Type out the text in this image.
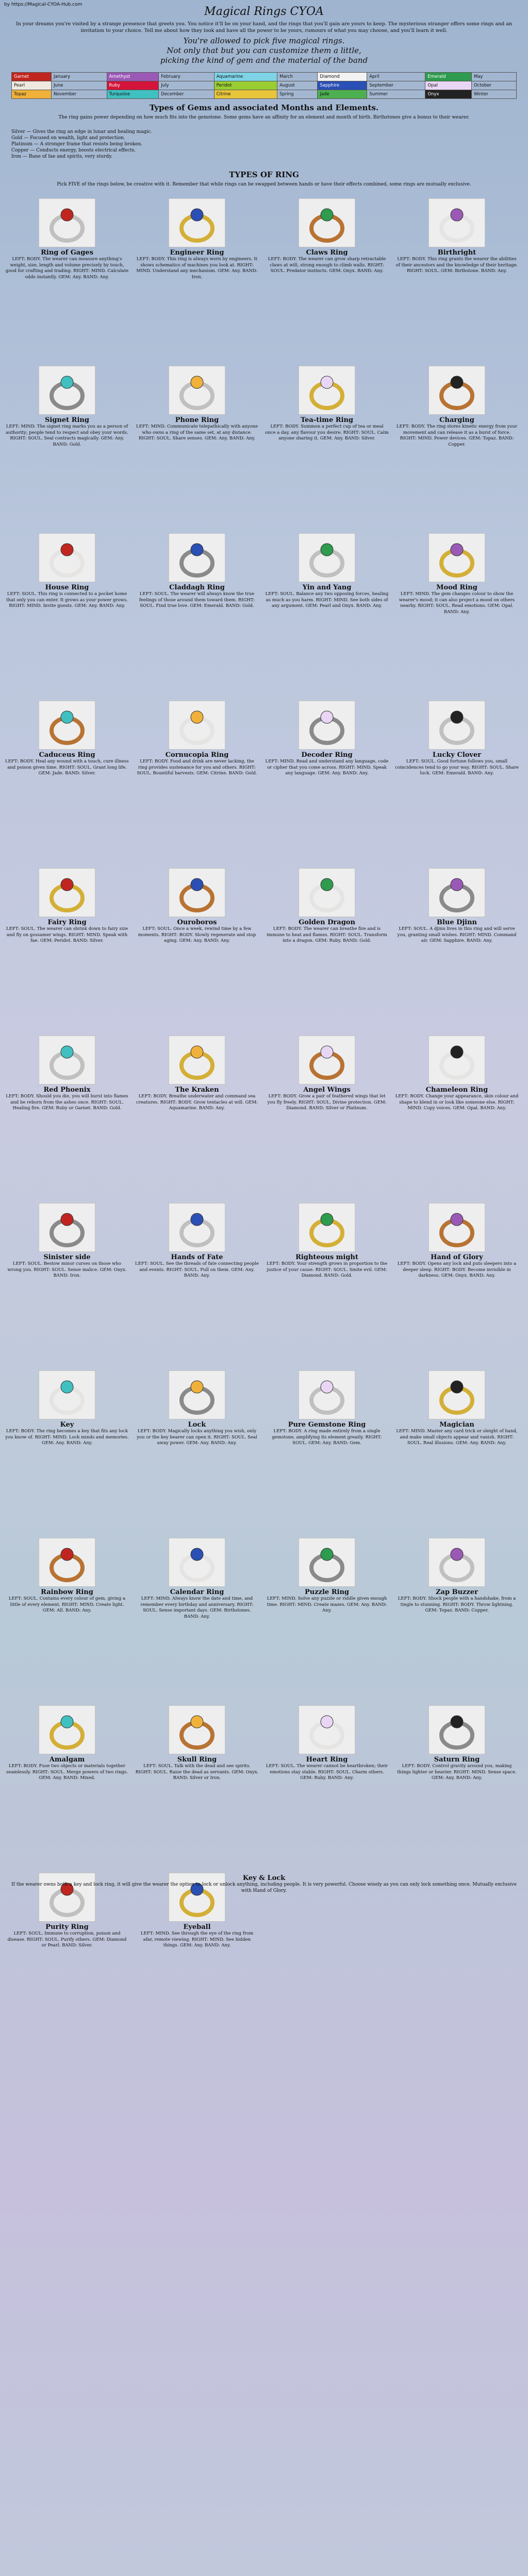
by https://Magical-CYOA-Hub.com
Magical Rings CYOA
In your dreams you're visited by a strange presence that greets you. You notice it'll be on your hand, and the rings that you'll gain are yours to keep. The mysterious stranger offers some rings and an invitation to your choice. Tell me about how they look and have all the power to be yours, rumours of what you may choose, and you'll learn it well.
You're allowed to pick five magical rings.
Not only that but you can customize them a little,
picking the kind of gem and the material of the band
Garnet	January	Amethyst	February	Aquamarine	March	Diamond	April	Emerald	May
Pearl	June	Ruby	July	Peridot	August	Sapphire	September	Opal	October
Topaz	November	Turquoise	December	Citrine	Spring	Jade	Summer	Onyx	Winter
Types of Gems and associated Months and Elements.
The ring gains power depending on how much fits into the gemstone. Some gems have an affinity for an element and month of birth. Birthstones give a bonus to their wearer.
Silver — Gives the ring an edge in lunar and healing magic.
Gold — Focused on wealth, light and protection.
Platinum — A stronger frame that resists being broken.
Copper — Conducts energy, boosts electrical effects.
Iron — Bane of fae and spirits, very sturdy.
TYPES OF RING
Pick FIVE of the rings below, be creative with it. Remember that while rings can be swapped between hands or have their effects combined, some rings are mutually exclusive.
Ring of Gages
LEFT: BODY. The wearer can measure anything's weight, size, length and volume precisely by touch, good for crafting and trading. RIGHT: MIND. Calculate odds instantly. GEM: Any. BAND: Any.
Engineer Ring
LEFT: BODY. This ring is always worn by engineers. It shows schematics of machines you look at. RIGHT: MIND. Understand any mechanism. GEM: Any. BAND: Iron.
Claws Ring
LEFT: BODY. The wearer can grow sharp retractable claws at will, strong enough to climb walls. RIGHT: SOUL. Predator instincts. GEM: Onyx. BAND: Any.
Birthright
LEFT: BODY. This ring grants the wearer the abilities of their ancestors and the knowledge of their heritage. RIGHT: SOUL. GEM: Birthstone. BAND: Any.
Signet Ring
LEFT: MIND. The signet ring marks you as a person of authority; people tend to respect and obey your words. RIGHT: SOUL. Seal contracts magically. GEM: Any. BAND: Gold.
Phone Ring
LEFT: MIND. Communicate telepathically with anyone who owns a ring of the same set, at any distance. RIGHT: SOUL. Share senses. GEM: Any. BAND: Any.
Tea-time Ring
LEFT: BODY. Summon a perfect cup of tea or meal once a day, any flavour you desire. RIGHT: SOUL. Calm anyone sharing it. GEM: Any. BAND: Silver.
Charging
LEFT: BODY. The ring stores kinetic energy from your movement and can release it as a burst of force. RIGHT: MIND. Power devices. GEM: Topaz. BAND: Copper.
House Ring
LEFT: SOUL. This ring is connected to a pocket home that only you can enter. It grows as your power grows. RIGHT: MIND. Invite guests. GEM: Any. BAND: Any.
Claddagh Ring
LEFT: SOUL. The wearer will always know the true feelings of those around them toward them. RIGHT: SOUL. Find true love. GEM: Emerald. BAND: Gold.
Yin and Yang
LEFT: SOUL. Balance any two opposing forces, healing as much as you harm. RIGHT: MIND. See both sides of any argument. GEM: Pearl and Onyx. BAND: Any.
Mood Ring
LEFT: MIND. The gem changes colour to show the wearer's mood; it can also project a mood on others nearby. RIGHT: SOUL. Read emotions. GEM: Opal. BAND: Any.
Caduceus Ring
LEFT: BODY. Heal any wound with a touch, cure illness and poison given time. RIGHT: SOUL. Grant long life. GEM: Jade. BAND: Silver.
Cornucopia Ring
LEFT: BODY. Food and drink are never lacking, the ring provides sustenance for you and others. RIGHT: SOUL. Bountiful harvests. GEM: Citrine. BAND: Gold.
Decoder Ring
LEFT: MIND. Read and understand any language, code or cipher that you come across. RIGHT: MIND. Speak any language. GEM: Any. BAND: Any.
Lucky Clover
LEFT: SOUL. Good fortune follows you, small coincidences tend to go your way. RIGHT: SOUL. Share luck. GEM: Emerald. BAND: Any.
Fairy Ring
LEFT: SOUL. The wearer can shrink down to fairy size and fly on gossamer wings. RIGHT: MIND. Speak with fae. GEM: Peridot. BAND: Silver.
Ouroboros
LEFT: SOUL. Once a week, rewind time by a few moments. RIGHT: BODY. Slowly regenerate and stop aging. GEM: Any. BAND: Any.
Golden Dragon
LEFT: BODY. The wearer can breathe fire and is immune to heat and flames. RIGHT: SOUL. Transform into a dragon. GEM: Ruby. BAND: Gold.
Blue Djinn
LEFT: SOUL. A djinn lives in this ring and will serve you, granting small wishes. RIGHT: MIND. Command air. GEM: Sapphire. BAND: Any.
Red Phoenix
LEFT: BODY. Should you die, you will burst into flames and be reborn from the ashes once. RIGHT: SOUL. Healing fire. GEM: Ruby or Garnet. BAND: Gold.
The Kraken
LEFT: BODY. Breathe underwater and command sea creatures. RIGHT: BODY. Grow tentacles at will. GEM: Aquamarine. BAND: Any.
Angel Wings
LEFT: BODY. Grow a pair of feathered wings that let you fly freely. RIGHT: SOUL. Divine protection. GEM: Diamond. BAND: Silver or Platinum.
Chameleon Ring
LEFT: BODY. Change your appearance, skin colour and shape to blend in or look like someone else. RIGHT: MIND. Copy voices. GEM: Opal. BAND: Any.
Sinister side
LEFT: SOUL. Bestow minor curses on those who wrong you. RIGHT: SOUL. Sense malice. GEM: Onyx. BAND: Iron.
Hands of Fate
LEFT: SOUL. See the threads of fate connecting people and events. RIGHT: SOUL. Pull on them. GEM: Any. BAND: Any.
Righteous might
LEFT: BODY. Your strength grows in proportion to the justice of your cause. RIGHT: SOUL. Smite evil. GEM: Diamond. BAND: Gold.
Hand of Glory
LEFT: BODY. Opens any lock and puts sleepers into a deeper sleep. RIGHT: BODY. Become invisible in darkness. GEM: Onyx. BAND: Any.
Key
LEFT: BODY. The ring becomes a key that fits any lock you know of. RIGHT: MIND. Lock minds and memories. GEM: Any. BAND: Any.
Lock
LEFT: BODY. Magically locks anything you wish, only you or the key bearer can open it. RIGHT: SOUL. Seal away power. GEM: Any. BAND: Any.
Pure Gemstone Ring
LEFT: BODY. A ring made entirely from a single gemstone, amplifying its element greatly. RIGHT: SOUL. GEM: Any. BAND: Gem.
Magician
LEFT: MIND. Master any card trick or sleight of hand, and make small objects appear and vanish. RIGHT: SOUL. Real illusions. GEM: Any. BAND: Any.
Rainbow Ring
LEFT: SOUL. Contains every colour of gem, giving a little of every element. RIGHT: MIND. Create light. GEM: All. BAND: Any.
Calendar Ring
LEFT: MIND. Always know the date and time, and remember every birthday and anniversary. RIGHT: SOUL. Sense important days. GEM: Birthstones. BAND: Any.
Puzzle Ring
LEFT: MIND. Solve any puzzle or riddle given enough time. RIGHT: MIND. Create mazes. GEM: Any. BAND: Any.
Zap Buzzer
LEFT: BODY. Shock people with a handshake, from a tingle to stunning. RIGHT: BODY. Throw lightning. GEM: Topaz. BAND: Copper.
Amalgam
LEFT: BODY. Fuse two objects or materials together seamlessly. RIGHT: SOUL. Merge powers of two rings. GEM: Any. BAND: Mixed.
Skull Ring
LEFT: SOUL. Talk with the dead and see spirits. RIGHT: SOUL. Raise the dead as servants. GEM: Onyx. BAND: Silver or Iron.
Heart Ring
LEFT: SOUL. The wearer cannot be heartbroken; their emotions stay stable. RIGHT: SOUL. Charm others. GEM: Ruby. BAND: Any.
Saturn Ring
LEFT: BODY. Control gravity around you, making things lighter or heavier. RIGHT: MIND. Sense space. GEM: Any. BAND: Any.
Purity Ring
LEFT: SOUL. Immune to corruption, poison and disease. RIGHT: SOUL. Purify others. GEM: Diamond or Pearl. BAND: Silver.
Eyeball
LEFT: MIND. See through the eye of the ring from afar, remote viewing. RIGHT: MIND. See hidden things. GEM: Any. BAND: Any.
Key & Lock
If the wearer owns both a key and lock ring, it will give the wearer the option to lock or unlock anything, including people. It is very powerful. Choose wisely as you can only lock something once. Mutually exclusive with Hand of Glory.
